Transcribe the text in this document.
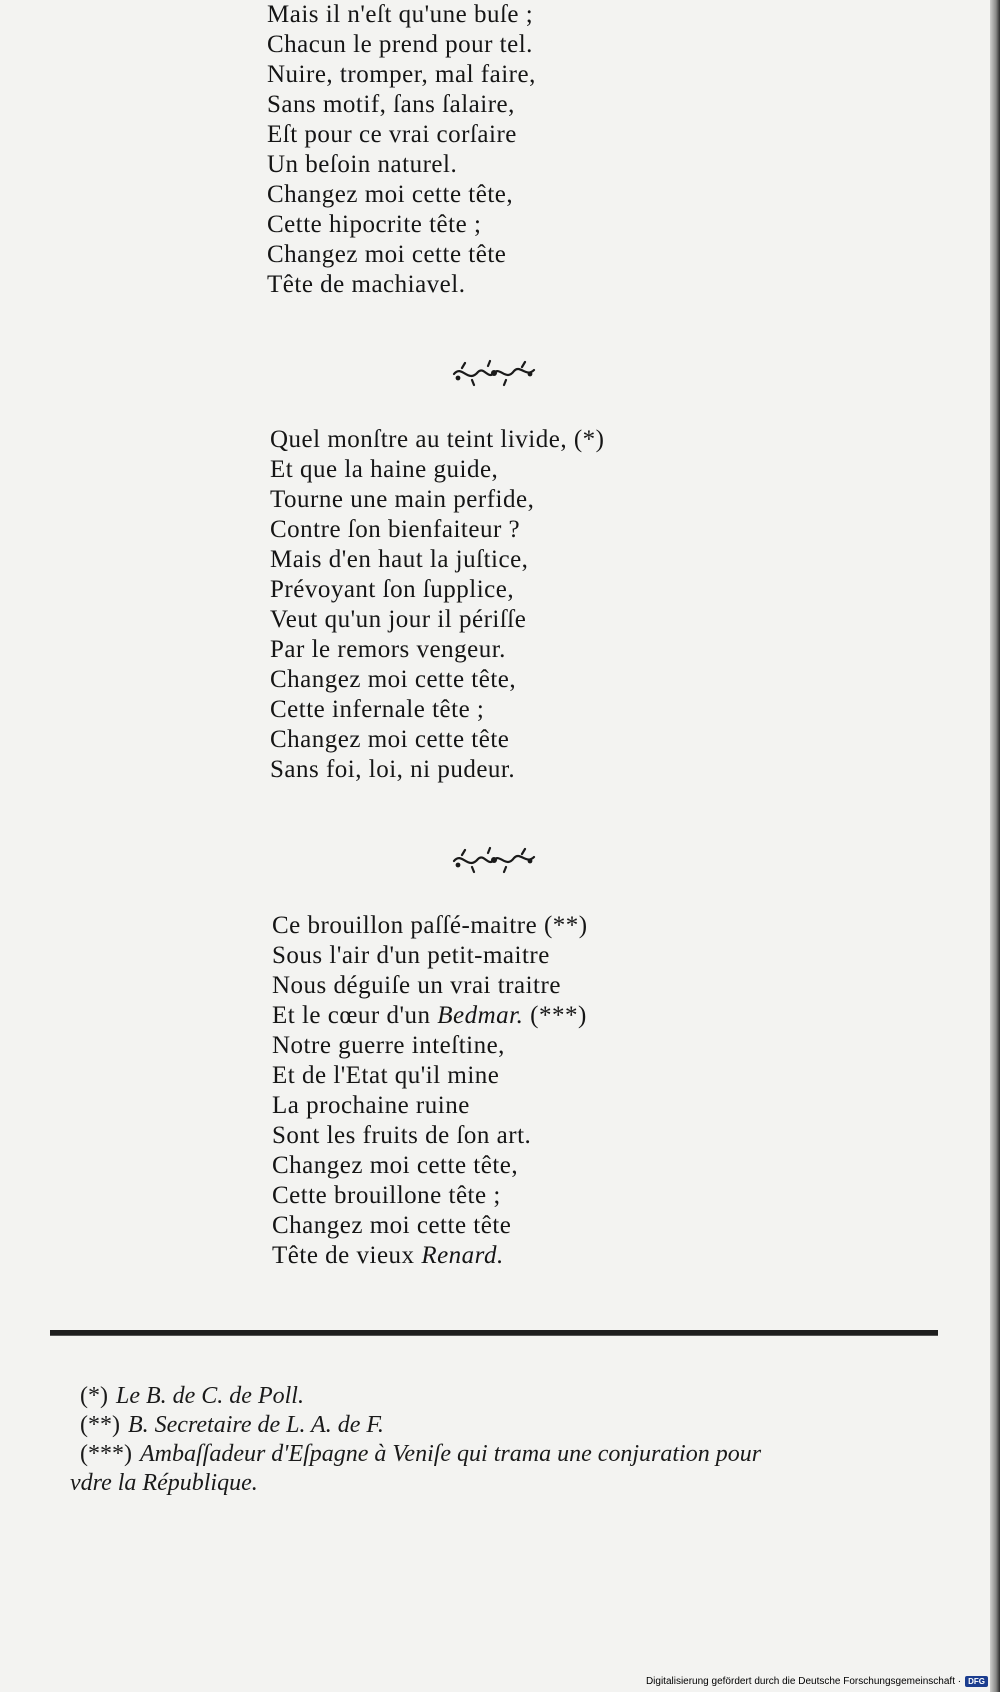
Mais il n'eſt qu'une buſe ;
Chacun le prend pour tel.
Nuire, tromper, mal faire,
Sans motif, ſans ſalaire,
Eſt pour ce vrai corſaire
Un beſoin naturel.
Changez moi cette tête,
Cette hipocrite tête ;
Changez moi cette tête
Tête de machiavel.
Quel monſtre au teint livide, (*)
Et que la haine guide,
Tourne une main perfide,
Contre ſon bienfaiteur ?
Mais d'en haut la juſtice,
Prévoyant ſon ſupplice,
Veut qu'un jour il périſſe
Par le remors vengeur.
Changez moi cette tête,
Cette infernale tête ;
Changez moi cette tête
Sans foi, loi, ni pudeur.
Ce brouillon paſſé-maitre (**)
Sous l'air d'un petit-maitre
Nous déguiſe un vrai traitre
Et le cœur d'un Bedmar. (***)
Notre guerre inteſtine,
Et de l'Etat qu'il mine
La prochaine ruine
Sont les fruits de ſon art.
Changez moi cette tête,
Cette brouillone tête ;
Changez moi cette tête
Tête de vieux Renard.
(*) Le B. de C. de Poll.
(**) B. Secretaire de L. A. de F.
(***) Ambaſſadeur d'Eſpagne à Veniſe qui trama une conjuration pour
vdre la République.
Digitalisierung gefördert durch die Deutsche Forschungsgemeinschaft · DFG
